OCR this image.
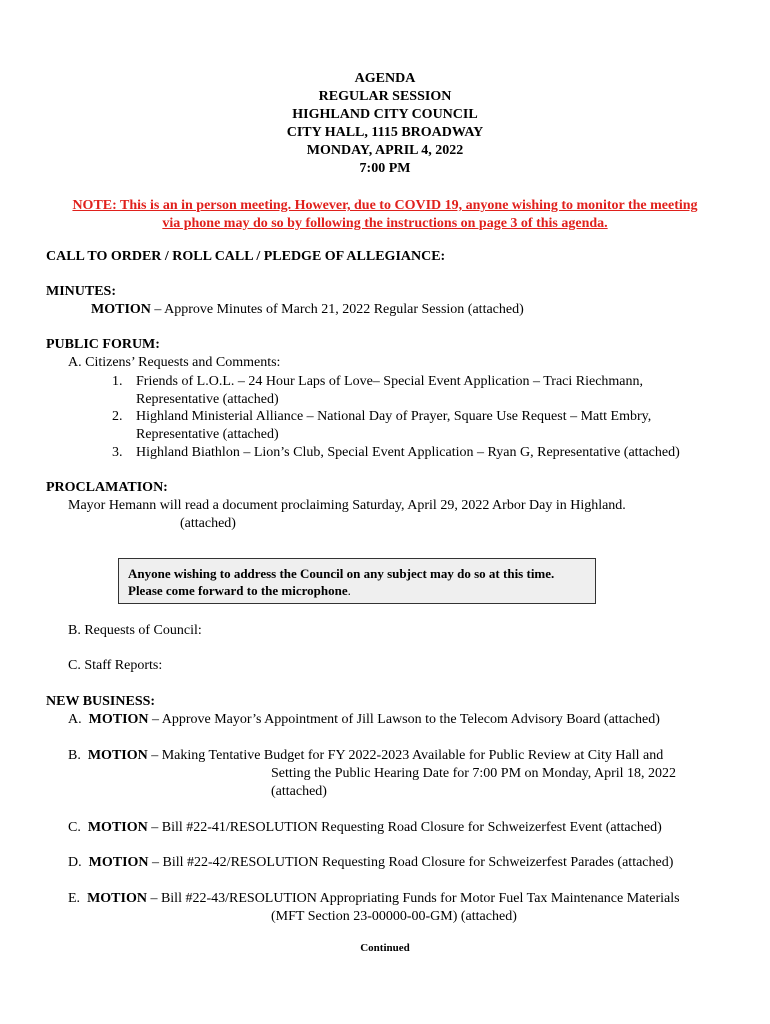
AGENDA
REGULAR SESSION
HIGHLAND CITY COUNCIL
CITY HALL, 1115 BROADWAY
MONDAY, APRIL 4, 2022
7:00 PM
NOTE: This is an in person meeting. However, due to COVID 19, anyone wishing to monitor the meeting
via phone may do so by following the instructions on page 3 of this agenda.
CALL TO ORDER / ROLL CALL / PLEDGE OF ALLEGIANCE:
MINUTES:
MOTION – Approve Minutes of March 21, 2022 Regular Session (attached)
PUBLIC FORUM:
A. Citizens’ Requests and Comments:
1. Friends of L.O.L. – 24 Hour Laps of Love– Special Event Application – Traci Riechmann,
Representative (attached)
2. Highland Ministerial Alliance – National Day of Prayer, Square Use Request – Matt Embry,
Representative (attached)
3. Highland Biathlon – Lion’s Club, Special Event Application – Ryan G, Representative (attached)
PROCLAMATION:
Mayor Hemann will read a document proclaiming Saturday, April 29, 2022 Arbor Day in Highland.
(attached)
Anyone wishing to address the Council on any subject may do so at this time.
Please come forward to the microphone.
B. Requests of Council:
C. Staff Reports:
NEW BUSINESS:
A. MOTION – Approve Mayor’s Appointment of Jill Lawson to the Telecom Advisory Board (attached)
B. MOTION – Making Tentative Budget for FY 2022-2023 Available for Public Review at City Hall and
Setting the Public Hearing Date for 7:00 PM on Monday, April 18, 2022
(attached)
C. MOTION – Bill #22-41/RESOLUTION Requesting Road Closure for Schweizerfest Event (attached)
D. MOTION – Bill #22-42/RESOLUTION Requesting Road Closure for Schweizerfest Parades (attached)
E. MOTION – Bill #22-43/RESOLUTION Appropriating Funds for Motor Fuel Tax Maintenance Materials
(MFT Section 23-00000-00-GM) (attached)
Continued
